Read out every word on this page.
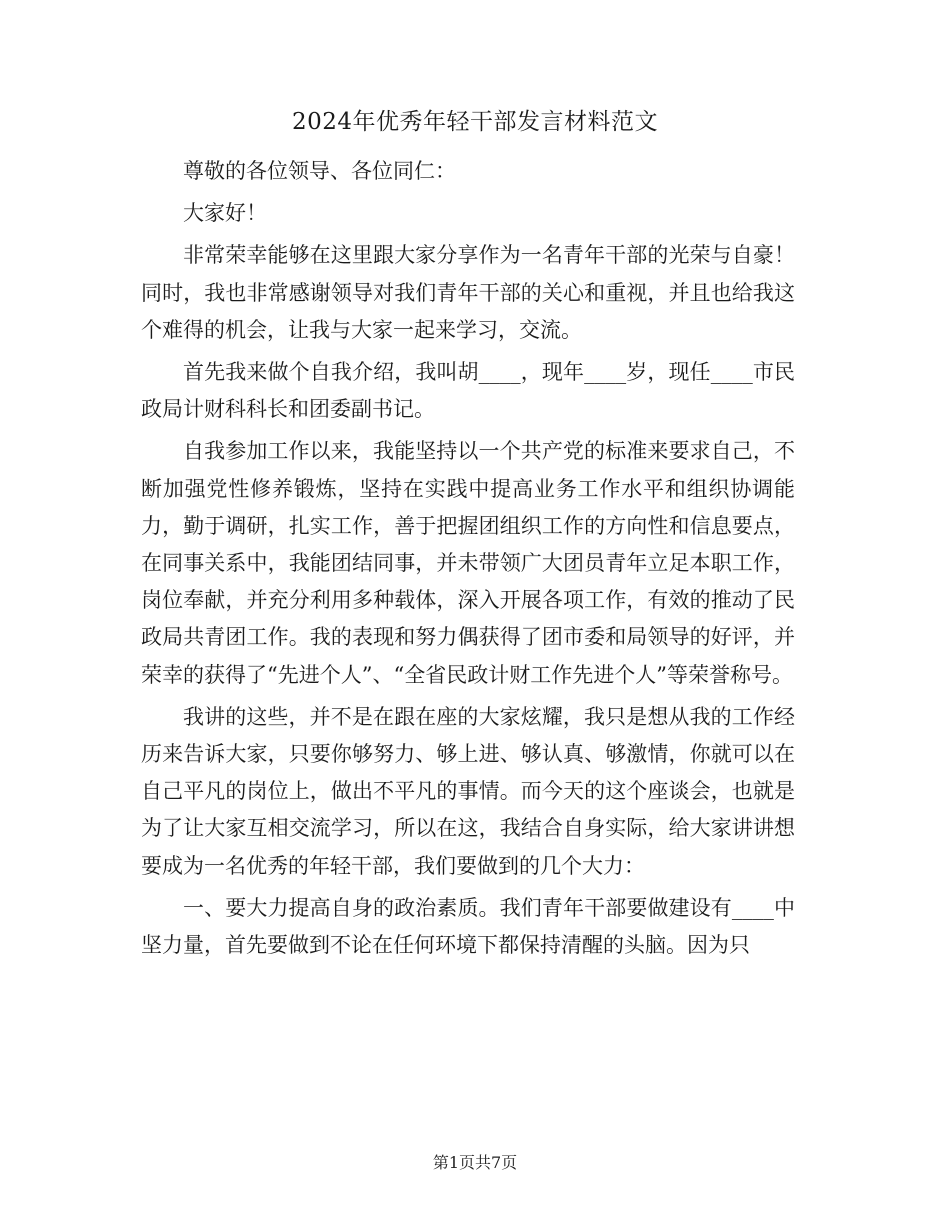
2024年优秀年轻干部发言材料范文

尊敬的各位领导、各位同仁：

大家好！

非常荣幸能够在这里跟大家分享作为一名青年干部的光荣与自豪！同时，我也非常感谢领导对我们青年干部的关心和重视，并且也给我这个难得的机会，让我与大家一起来学习，交流。

首先我来做个自我介绍，我叫胡____，现年____岁，现任____市民政局计财科科长和团委副书记。

自我参加工作以来，我能坚持以一个共产党的标准来要求自己，不断加强党性修养锻炼，坚持在实践中提高业务工作水平和组织协调能力，勤于调研，扎实工作，善于把握团组织工作的方向性和信息要点，在同事关系中，我能团结同事，并未带领广大团员青年立足本职工作，岗位奉献，并充分利用多种载体，深入开展各项工作，有效的推动了民政局共青团工作。我的表现和努力偶获得了团市委和局领导的好评，并荣幸的获得了“先进个人”、“全省民政计财工作先进个人”等荣誉称号。

我讲的这些，并不是在跟在座的大家炫耀，我只是想从我的工作经历来告诉大家，只要你够努力、够上进、够认真、够激情，你就可以在自己平凡的岗位上，做出不平凡的事情。而今天的这个座谈会，也就是为了让大家互相交流学习，所以在这，我结合自身实际，给大家讲讲想要成为一名优秀的年轻干部，我们要做到的几个大力：

一、要大力提高自身的政治素质。我们青年干部要做建设有____中坚力量，首先要做到不论在任何环境下都保持清醒的头脑。因为只

第1页共7页
